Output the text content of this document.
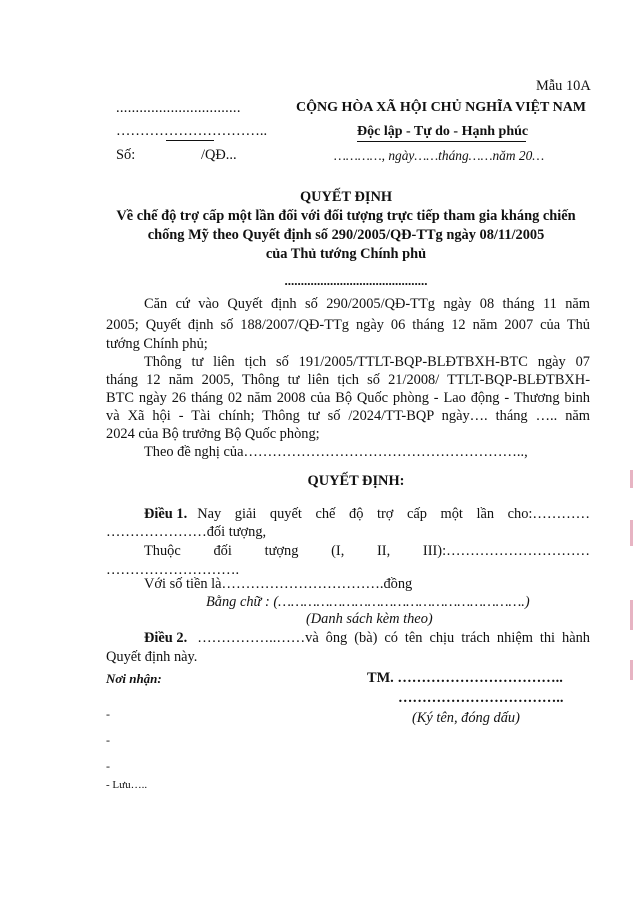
Mẫu 10A
................................
…………………………..
Số:	/QĐ...
CỘNG HÒA XÃ HỘI CHỦ NGHĨA VIỆT NAM
Độc lập - Tự do - Hạnh phúc
…………, ngày……tháng……năm 20…
QUYẾT ĐỊNH
Về chế độ trợ cấp một lần đối với đối tượng trực tiếp tham gia kháng chiến
chống Mỹ theo Quyết định số 290/2005/QĐ-TTg ngày 08/11/2005
của Thủ tướng Chính phủ
............................................
Căn cứ vào Quyết định số 290/2005/QĐ-TTg ngày 08 tháng 11 năm
2005; Quyết định số 188/2007/QĐ-TTg ngày 06 tháng 12 năm 2007 của Thủ
tướng Chính phủ;
Thông tư liên tịch số 191/2005/TTLT-BQP-BLĐTBXH-BTC ngày 07
tháng 12 năm 2005, Thông tư liên tịch số 21/2008/ TTLT-BQP-BLĐTBXH-
BTC ngày 26 tháng 02 năm 2008 của Bộ Quốc phòng - Lao động - Thương binh
và Xã hội - Tài chính; Thông tư số /2024/TT-BQP ngày…. tháng ….. năm
2024 của Bộ trưởng Bộ Quốc phòng;
Theo đề nghị của…………………………………………………..,
QUYẾT ĐỊNH:
Điều 1. Nay giải quyết chế độ trợ cấp một lần cho:…………
…………………đối tượng,
Thuộc đối tượng (I, II, III):…………………………
……………………….
Với số tiền là…………………………….đồng
Bằng chữ : (………………………………………………….)
(Danh sách kèm theo)
Điều 2. ……………..……và ông (bà) có tên chịu trách nhiệm thi hành
Quyết định này.
Nơi nhận:
-
-
-
- Lưu…..
TM. ……………………………..
……………………………..
(Ký tên, đóng dấu)
